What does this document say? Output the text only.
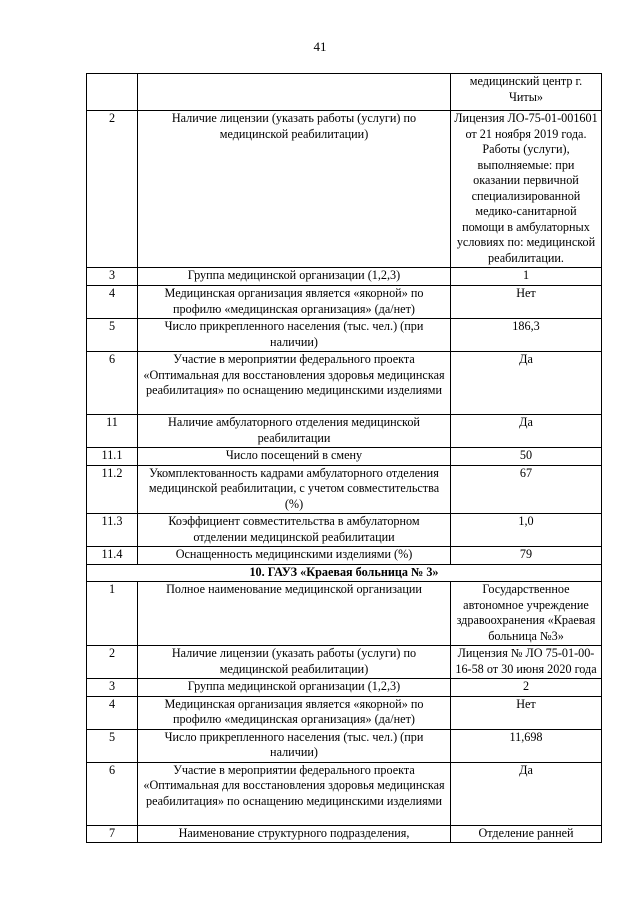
41
		медицинский центр г. Читы»
2	Наличие лицензии (указать работы (услуги) по медицинской реабилитации)	Лицензия ЛО-75-01-001601 от 21 ноября 2019 года. Работы (услуги), выполняемые: при оказании первичной специализированной медико-санитарной помощи в амбулаторных условиях по: медицинской реабилитации.
3	Группа медицинской организации (1,2,3)	1
4	Медицинская организация является «якорной» по профилю «медицинская организация» (да/нет)	Нет
5	Число прикрепленного населения (тыс. чел.) (при наличии)	186,3
6	Участие в мероприятии федерального проекта «Оптимальная для восстановления здоровья медицинская реабилитация» по оснащению медицинскими изделиями	Да
11	Наличие амбулаторного отделения медицинской реабилитации	Да
11.1	Число посещений в смену	50
11.2	Укомплектованность кадрами амбулаторного отделения медицинской реабилитации, с учетом совместительства (%)	67
11.3	Коэффициент совместительства в амбулаторном отделении медицинской реабилитации	1,0
11.4	Оснащенность медицинскими изделиями (%)	79
10. ГАУЗ «Краевая больница № 3»		
1	Полное наименование медицинской организации	Государственное автономное учреждение здравоохранения «Краевая больница №3»
2	Наличие лицензии (указать работы (услуги) по медицинской реабилитации)	Лицензия № ЛО 75-01-00-16-58 от 30 июня 2020 года
3	Группа медицинской организации (1,2,3)	2
4	Медицинская организация является «якорной» по профилю «медицинская организация» (да/нет)	Нет
5	Число прикрепленного населения (тыс. чел.) (при наличии)	11,698
6	Участие в мероприятии федерального проекта «Оптимальная для восстановления здоровья медицинская реабилитация» по оснащению медицинскими изделиями	Да
7	Наименование структурного подразделения,	Отделение ранней
